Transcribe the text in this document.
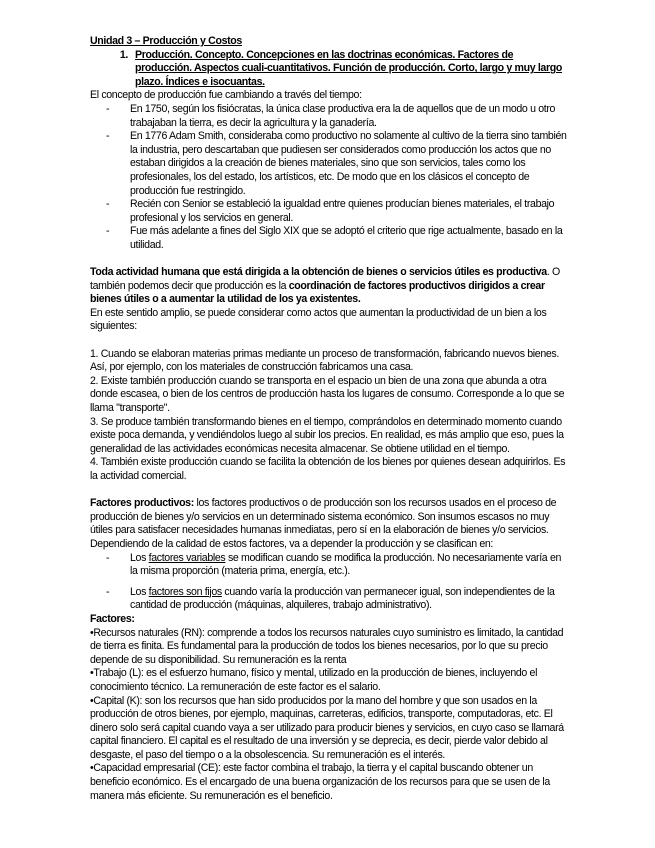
Unidad 3 – Producción y Costos

1. Producción. Concepto. Concepciones en las doctrinas económicas. Factores de producción. Aspectos cuali-cuantitativos. Función de producción. Corto, largo y muy largo plazo. Índices e isocuantas.

El concepto de producción fue cambiando a través del tiempo:

-	En 1750, según los fisiócratas, la única clase productiva era la de aquellos que de un modo u otro trabajaban la tierra, es decir la agricultura y la ganadería.
-	En 1776 Adam Smith, consideraba como productivo no solamente al cultivo de la tierra sino también la industria, pero descartaban que pudiesen ser considerados como producción los actos que no estaban dirigidos a la creación de bienes materiales, sino que son servicios, tales como los profesionales, los del estado, los artísticos, etc. De modo que en los clásicos el concepto de producción fue restringido.
-	Recién con Senior se estableció la igualdad entre quienes producían bienes materiales, el trabajo profesional y los servicios en general.
-	Fue más adelante a fines del Siglo XIX que se adoptó el criterio que rige actualmente, basado en la utilidad.

Toda actividad humana que está dirigida a la obtención de bienes o servicios útiles es productiva. O también podemos decir que producción es la coordinación de factores productivos dirigidos a crear bienes útiles o a aumentar la utilidad de los ya existentes.

En este sentido amplio, se puede considerar como actos que aumentan la productividad de un bien a los siguientes:

1. Cuando se elaboran materias primas mediante un proceso de transformación, fabricando nuevos bienes. Así, por ejemplo, con los materiales de construcción fabricamos una casa.

2. Existe también producción cuando se transporta en el espacio un bien de una zona que abunda a otra donde escasea, o bien de los centros de producción hasta los lugares de consumo. Corresponde a lo que se llama "transporte".

3. Se produce también transformando bienes en el tiempo, comprándolos en determinado momento cuando existe poca demanda, y vendiéndolos luego al subir los precios. En realidad, es más amplio que eso, pues la generalidad de las actividades económicas necesita almacenar. Se obtiene utilidad en el tiempo.

4. También existe producción cuando se facilita la obtención de los bienes por quienes desean adquirirlos. Es la actividad comercial.

Factores productivos: los factores productivos o de producción son los recursos usados en el proceso de producción de bienes y/o servicios en un determinado sistema económico. Son insumos escasos no muy útiles para satisfacer necesidades humanas inmediatas, pero sí en la elaboración de bienes y/o servicios. Dependiendo de la calidad de estos factores, va a depender la producción y se clasifican en:

-	Los factores variables se modifican cuando se modifica la producción. No necesariamente varía en la misma proporción (materia prima, energía, etc.).
-	Los factores son fijos cuando varía la producción van permanecer igual, son independientes de la cantidad de producción (máquinas, alquileres, trabajo administrativo).

Factores:

•Recursos naturales (RN): comprende a todos los recursos naturales cuyo suministro es limitado, la cantidad de tierra es finita. Es fundamental para la producción de todos los bienes necesarios, por lo que su precio depende de su disponibilidad. Su remuneración es la renta

•Trabajo (L): es el esfuerzo humano, físico y mental, utilizado en la producción de bienes, incluyendo el conocimiento técnico. La remuneración de este factor es el salario.

•Capital (K): son los recursos que han sido producidos por la mano del hombre y que son usados en la producción de otros bienes, por ejemplo, maquinas, carreteras, edificios, transporte, computadoras, etc. El dinero solo será capital cuando vaya a ser utilizado para producir bienes y servicios, en cuyo caso se llamará capital financiero. El capital es el resultado de una inversión y se deprecia, es decir, pierde valor debido al desgaste, el paso del tiempo o a la obsolescencia. Su remuneración es el interés.

•Capacidad empresarial (CE): este factor combina el trabajo, la tierra y el capital buscando obtener un beneficio económico. Es el encargado de una buena organización de los recursos para que se usen de la manera más eficiente. Su remuneración es el beneficio.
